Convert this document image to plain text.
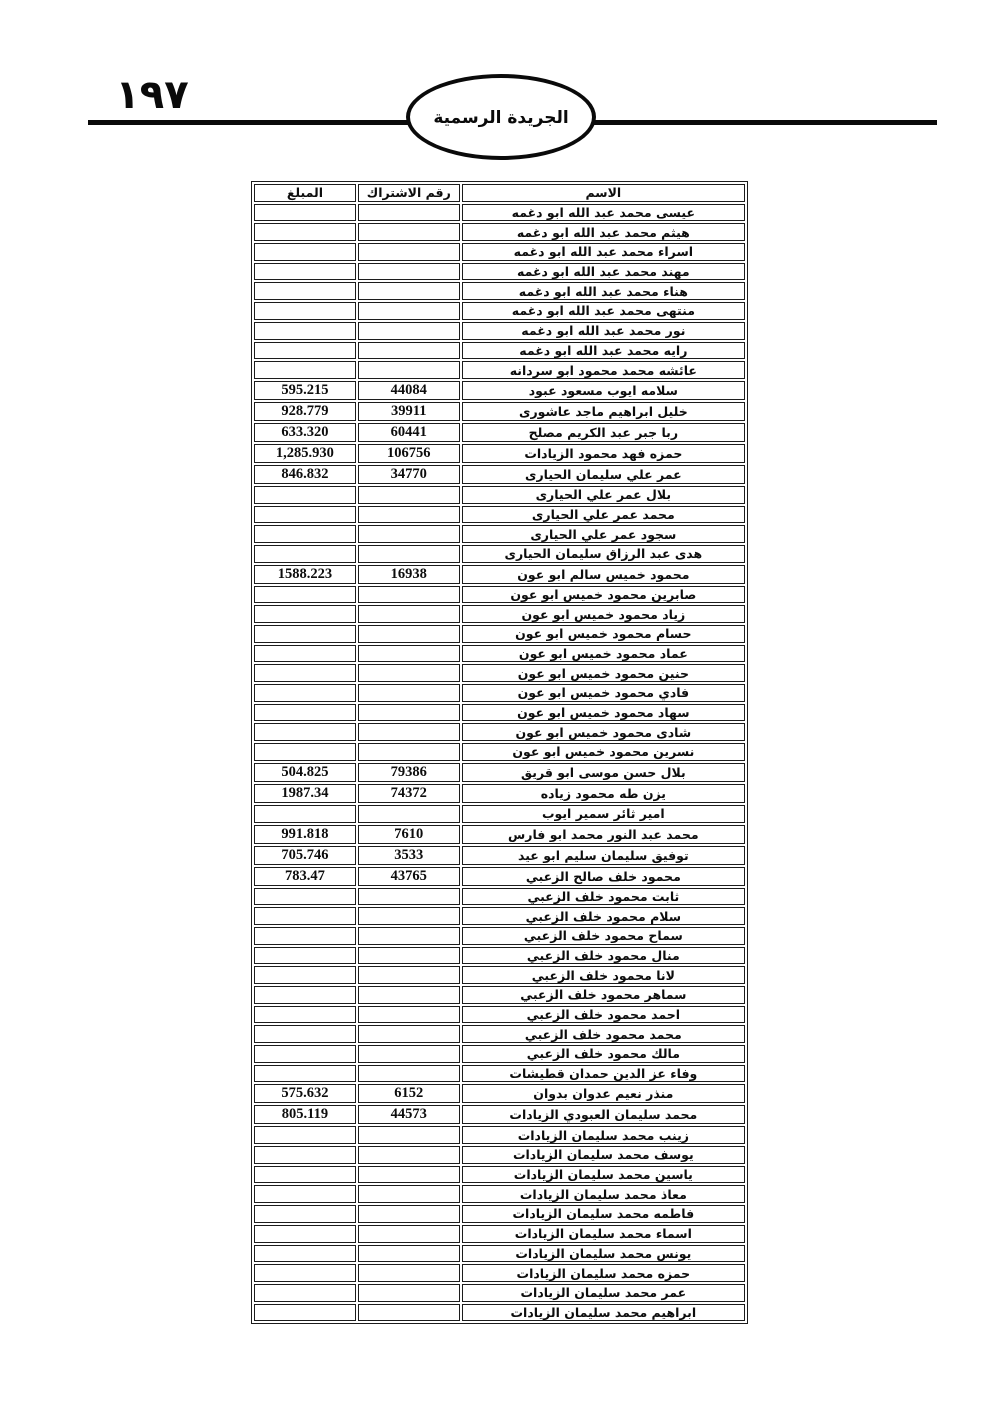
١٩٧	الجريدة الرسمية
الاسم	رقم الاشتراك	المبلغ
عيسى محمد عبد الله ابو دغمه		
هيثم محمد عبد الله ابو دغمه		
اسراء محمد عبد الله ابو دغمه		
مهند محمد عبد الله ابو دغمه		
هناء محمد عبد الله ابو دغمه		
منتهى محمد عبد الله ابو دغمه		
نور محمد عبد الله ابو دغمه		
رايه محمد عبد الله ابو دغمه		
عائشه محمد محمود ابو سردانه		
سلامه ايوب مسعود عبود	44084	595.215
خليل ابراهيم ماجد عاشورى	39911	928.779
ربا جبر عبد الكريم مصلح	60441	633.320
حمزه فهد محمود الزيادات	106756	1,285.930
عمر علي سليمان الحيارى	34770	846.832
بلال عمر علي الحيارى		
محمد عمر علي الحيارى		
سجود عمر علي الحيارى		
هدى عبد الرزاق سليمان الحيارى		
محمود خميس سالم ابو عون	16938	1588.223
صابرين محمود خميس ابو عون		
زياد محمود خميس ابو عون		
حسام محمود خميس ابو عون		
عماد محمود خميس ابو عون		
حنين محمود خميس ابو عون		
فادي محمود خميس ابو عون		
سهاد محمود خميس ابو عون		
شادى محمود خميس ابو عون		
نسرين محمود خميس ابو عون		
بلال حسن موسى ابو قريق	79386	504.825
يزن طه محمود زياده	74372	1987.34
امير ثائر سمير ايوب		
محمد عبد النور محمد ابو فارس	7610	991.818
توفيق سليمان سليم ابو عيد	3533	705.746
محمود خلف صالح الزعبي	43765	783.47
ثابت محمود خلف الزعبي		
سلام محمود خلف الزعبي		
سماح محمود خلف الزعبي		
منال محمود خلف الزعبي		
لانا محمود خلف الزعبي		
سماهر محمود خلف الزعبي		
احمد محمود خلف الزعبي		
محمد محمود خلف الزعبي		
مالك محمود خلف الزعبي		
وفاء عز الدين حمدان قطيشات		
منذر نعيم عدوان بدوان	6152	575.632
محمد سليمان العبودي الزيادات	44573	805.119
زينب محمد سليمان الزيادات		
يوسف محمد سليمان الزيادات		
ياسين محمد سليمان الزيادات		
معاذ محمد سليمان الزيادات		
فاطمه محمد سليمان الزيادات		
اسماء محمد سليمان الزيادات		
يونس محمد سليمان الزيادات		
حمزه محمد سليمان الزيادات		
عمر محمد سليمان الزيادات		
ابراهيم محمد سليمان الزيادات		
